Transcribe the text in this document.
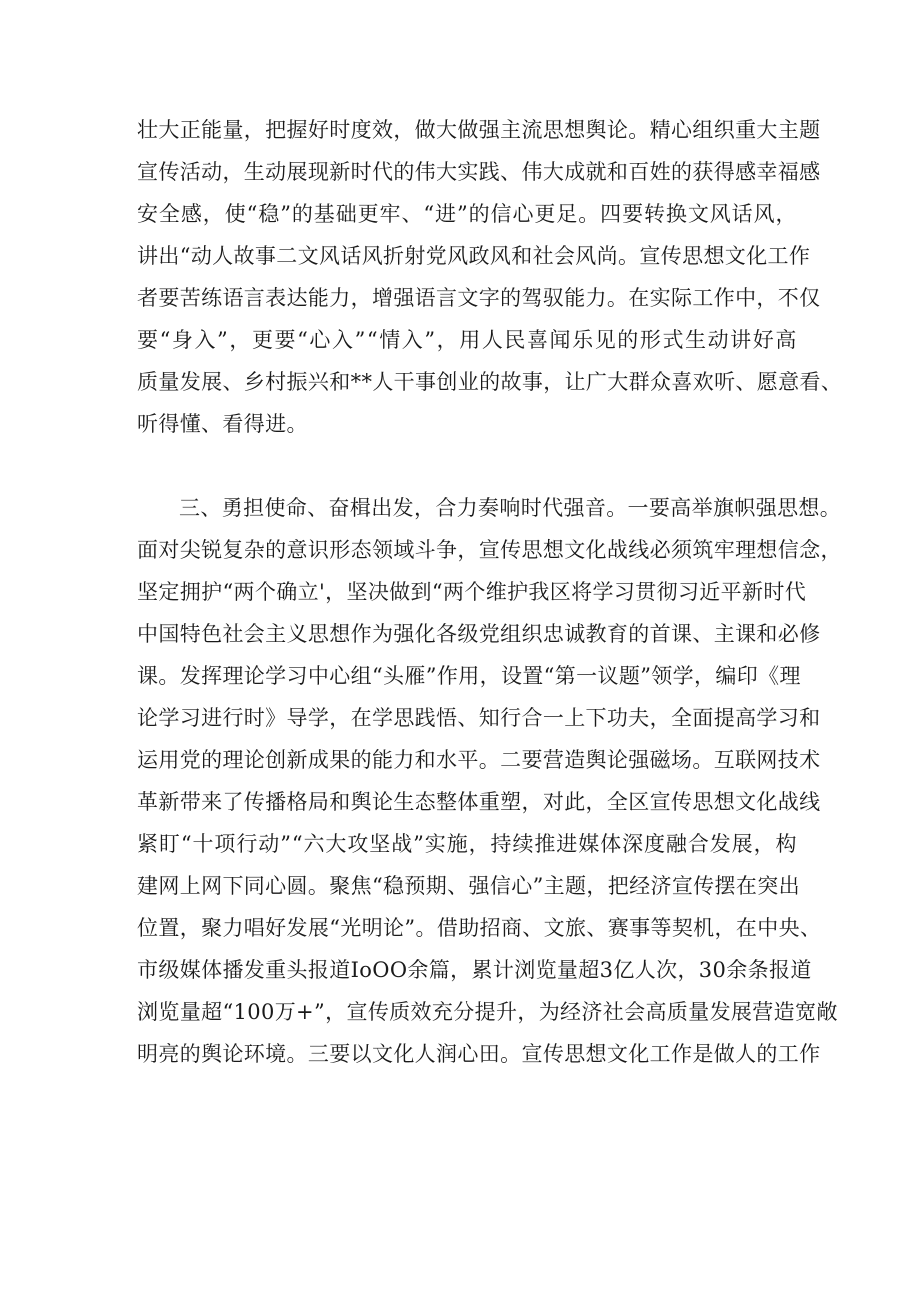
壮 大 正 能 量 ， 把 握 好 时 度 效 ， 做 大 做 强 主 流 思 想 舆 论 。 精 心 组 织 重 大 主 题
宣 传 活 动 ， 生 动 展 现 新 时 代 的 伟 大 实 践 、 伟 大 成 就 和 百 姓 的 获 得 感 幸 福 感
安 全 感 ， 使 “ 稳 ” 的 基 础 更 牢 、 “ 进 ” 的 信 心 更 足 。 四 要 转 换 文 风 话 风 ，
讲 出 “ 动 人 故 事 二 文 风 话 风 折 射 党 风 政 风 和 社 会 风 尚 。 宣 传 思 想 文 化 工 作
者 要 苦 练 语 言 表 达 能 力 ， 增 强 语 言 文 字 的 驾 驭 能 力 。 在 实 际 工 作 中 ， 不 仅
要 “ 身 入 ” ， 更 要 “ 心 入 ” “ 情 入 ” ， 用 人 民 喜 闻 乐 见 的 形 式 生 动 讲 好 高
质 量 发 展 、 乡 村 振 兴 和 * * 人 干 事 创 业 的 故 事 ， 让 广 大 群 众 喜 欢 听 、 愿 意 看 、
听得懂、看得进。
三 、 勇 担 使 命 、 奋 楫 出 发 ， 合 力 奏 响 时 代 强 音 。 一 要 高 举 旗 帜 强 思 想 。
面 对 尖 锐 复 杂 的 意 识 形 态 领 域 斗 争 ， 宣 传 思 想 文 化 战 线 必 须 筑 牢 理 想 信 念 ，
坚 定 拥 护 “ 两 个 确 立 ' ， 坚 决 做 到 “ 两 个 维 护 我 区 将 学 习 贯 彻 习 近 平 新 时 代
中 国 特 色 社 会 主 义 思 想 作 为 强 化 各 级 党 组 织 忠 诚 教 育 的 首 课 、 主 课 和 必 修
课 。 发 挥 理 论 学 习 中 心 组 “ 头 雁 ” 作 用 ， 设 置 “ 第 一 议 题 ” 领 学 ， 编 印 《 理
论 学 习 进 行 时 》 导 学 ， 在 学 思 践 悟 、 知 行 合 一 上 下 功 夫 ， 全 面 提 高 学 习 和
运 用 党 的 理 论 创 新 成 果 的 能 力 和 水 平 。 二 要 营 造 舆 论 强 磁 场 。 互 联 网 技 术
革 新 带 来 了 传 播 格 局 和 舆 论 生 态 整 体 重 塑 ， 对 此 ， 全 区 宣 传 思 想 文 化 战 线
紧 盯 “ 十 项 行 动 ” “ 六 大 攻 坚 战 ” 实 施 ， 持 续 推 进 媒 体 深 度 融 合 发 展 ， 构
建 网 上 网 下 同 心 圆 。 聚 焦 “ 稳 预 期 、 强 信 心 ” 主 题 ， 把 经 济 宣 传 摆 在 突 出
位 置 ， 聚 力 唱 好 发 展 “ 光 明 论 ” 。 借 助 招 商 、 文 旅 、 赛 事 等 契 机 ， 在 中 央 、
市 级 媒 体 播 发 重 头 报 道 I o O O 余 篇 ， 累 计 浏 览 量 超 3 亿 人 次 ， 3 0 余 条 报 道
浏 览 量 超 “ 1 0 0 万 + ” ， 宣 传 质 效 充 分 提 升 ， 为 经 济 社 会 高 质 量 发 展 营 造 宽 敞
明 亮 的 舆 论 环 境 。 三 要 以 文 化 人 润 心 田 。 宣 传 思 想 文 化 工 作 是 做 人 的 工 作
